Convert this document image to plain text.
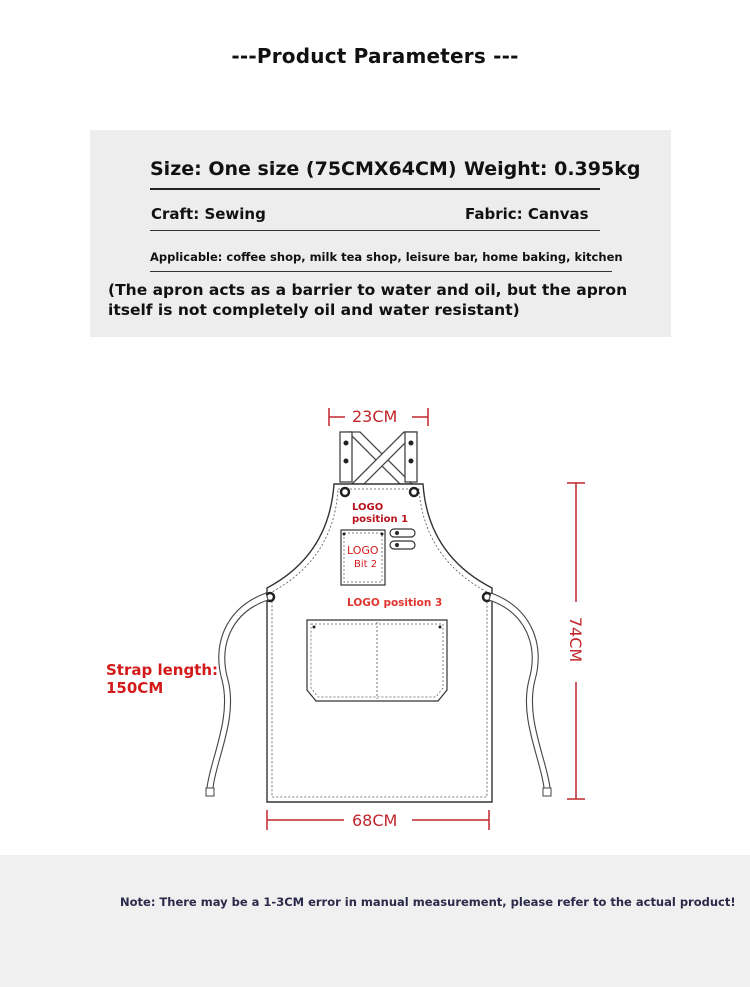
---Product Parameters ---
Size: One size (75CMX64CM) Weight: 0.395kg
Craft: Sewing	Fabric: Canvas
Applicable: coffee shop, milk tea shop, leisure bar, home baking, kitchen
(The apron acts as a barrier to water and oil, but the apron itself is not completely oil and water resistant)
23CM
74CM
68CM
Strap length:
150CM
LOGO
position 1
LOGO
Bit 2
LOGO position 3
Note: There may be a 1-3CM error in manual measurement, please refer to the actual product!
